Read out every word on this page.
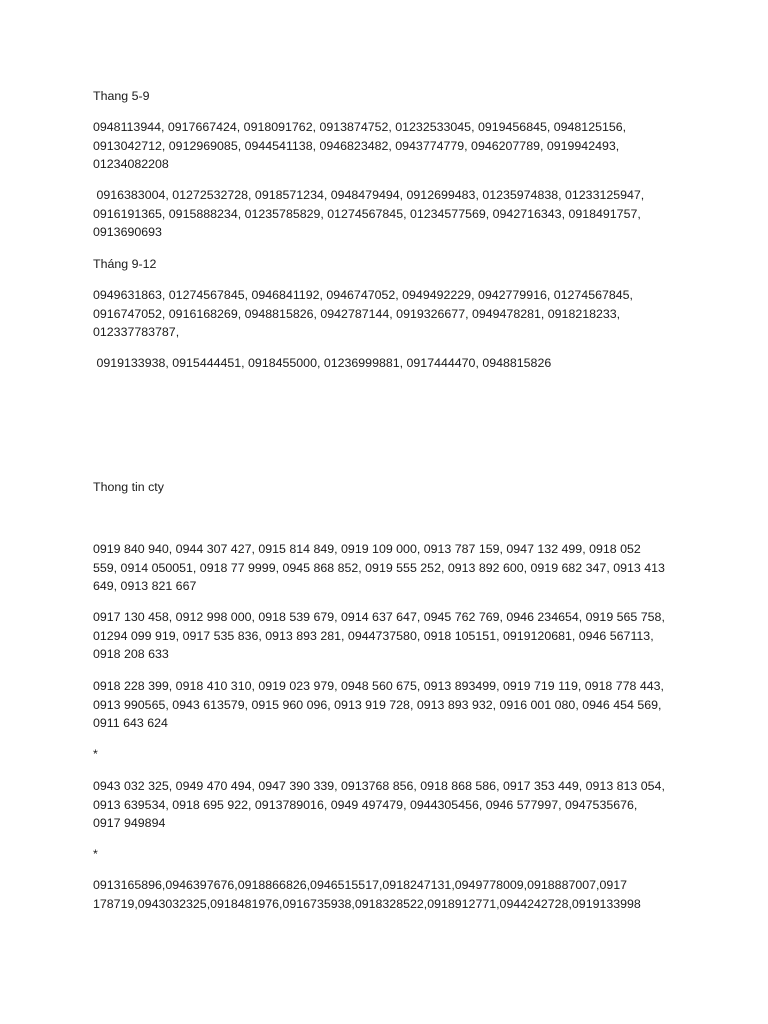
Thang 5-9
0948113944, 0917667424, 0918091762, 0913874752, 01232533045, 0919456845, 0948125156, 0913042712, 0912969085, 0944541138, 0946823482, 0943774779, 0946207789, 0919942493, 01234082208
0916383004, 01272532728, 0918571234, 0948479494, 0912699483, 01235974838, 01233125947, 0916191365, 0915888234, 01235785829, 01274567845, 01234577569, 0942716343, 0918491757, 0913690693
Tháng 9-12
0949631863, 01274567845, 0946841192, 0946747052, 0949492229, 0942779916, 01274567845, 0916747052, 0916168269, 0948815826, 0942787144, 0919326677, 0949478281, 0918218233, 012337783787,
0919133938, 0915444451, 0918455000, 01236999881, 0917444470, 0948815826
Thong tin cty
0919 840 940, 0944 307 427, 0915 814 849, 0919 109 000, 0913 787 159, 0947 132 499, 0918 052 559, 0914 050051, 0918 77 9999, 0945 868 852, 0919 555 252, 0913 892 600, 0919 682 347, 0913 413 649, 0913 821 667
0917 130 458, 0912 998 000, 0918 539 679, 0914 637 647, 0945 762 769, 0946 234654, 0919 565 758, 01294 099 919, 0917 535 836, 0913 893 281, 0944737580, 0918 105151, 0919120681, 0946 567113, 0918 208 633
0918 228 399, 0918 410 310, 0919 023 979, 0948 560 675, 0913 893499, 0919 719 119, 0918 778 443, 0913 990565, 0943 613579, 0915 960 096, 0913 919 728, 0913 893 932, 0916 001 080, 0946 454 569, 0911 643 624
*
0943 032 325, 0949 470 494, 0947 390 339, 0913768 856, 0918 868 586, 0917 353 449, 0913 813 054, 0913 639534, 0918 695 922, 0913789016, 0949 497479, 0944305456, 0946 577997, 0947535676, 0917 949894
*
0913165896,0946397676,0918866826,0946515517,0918247131,0949778009,0918887007,0917 178719,0943032325,0918481976,0916735938,0918328522,0918912771,0944242728,0919133998
